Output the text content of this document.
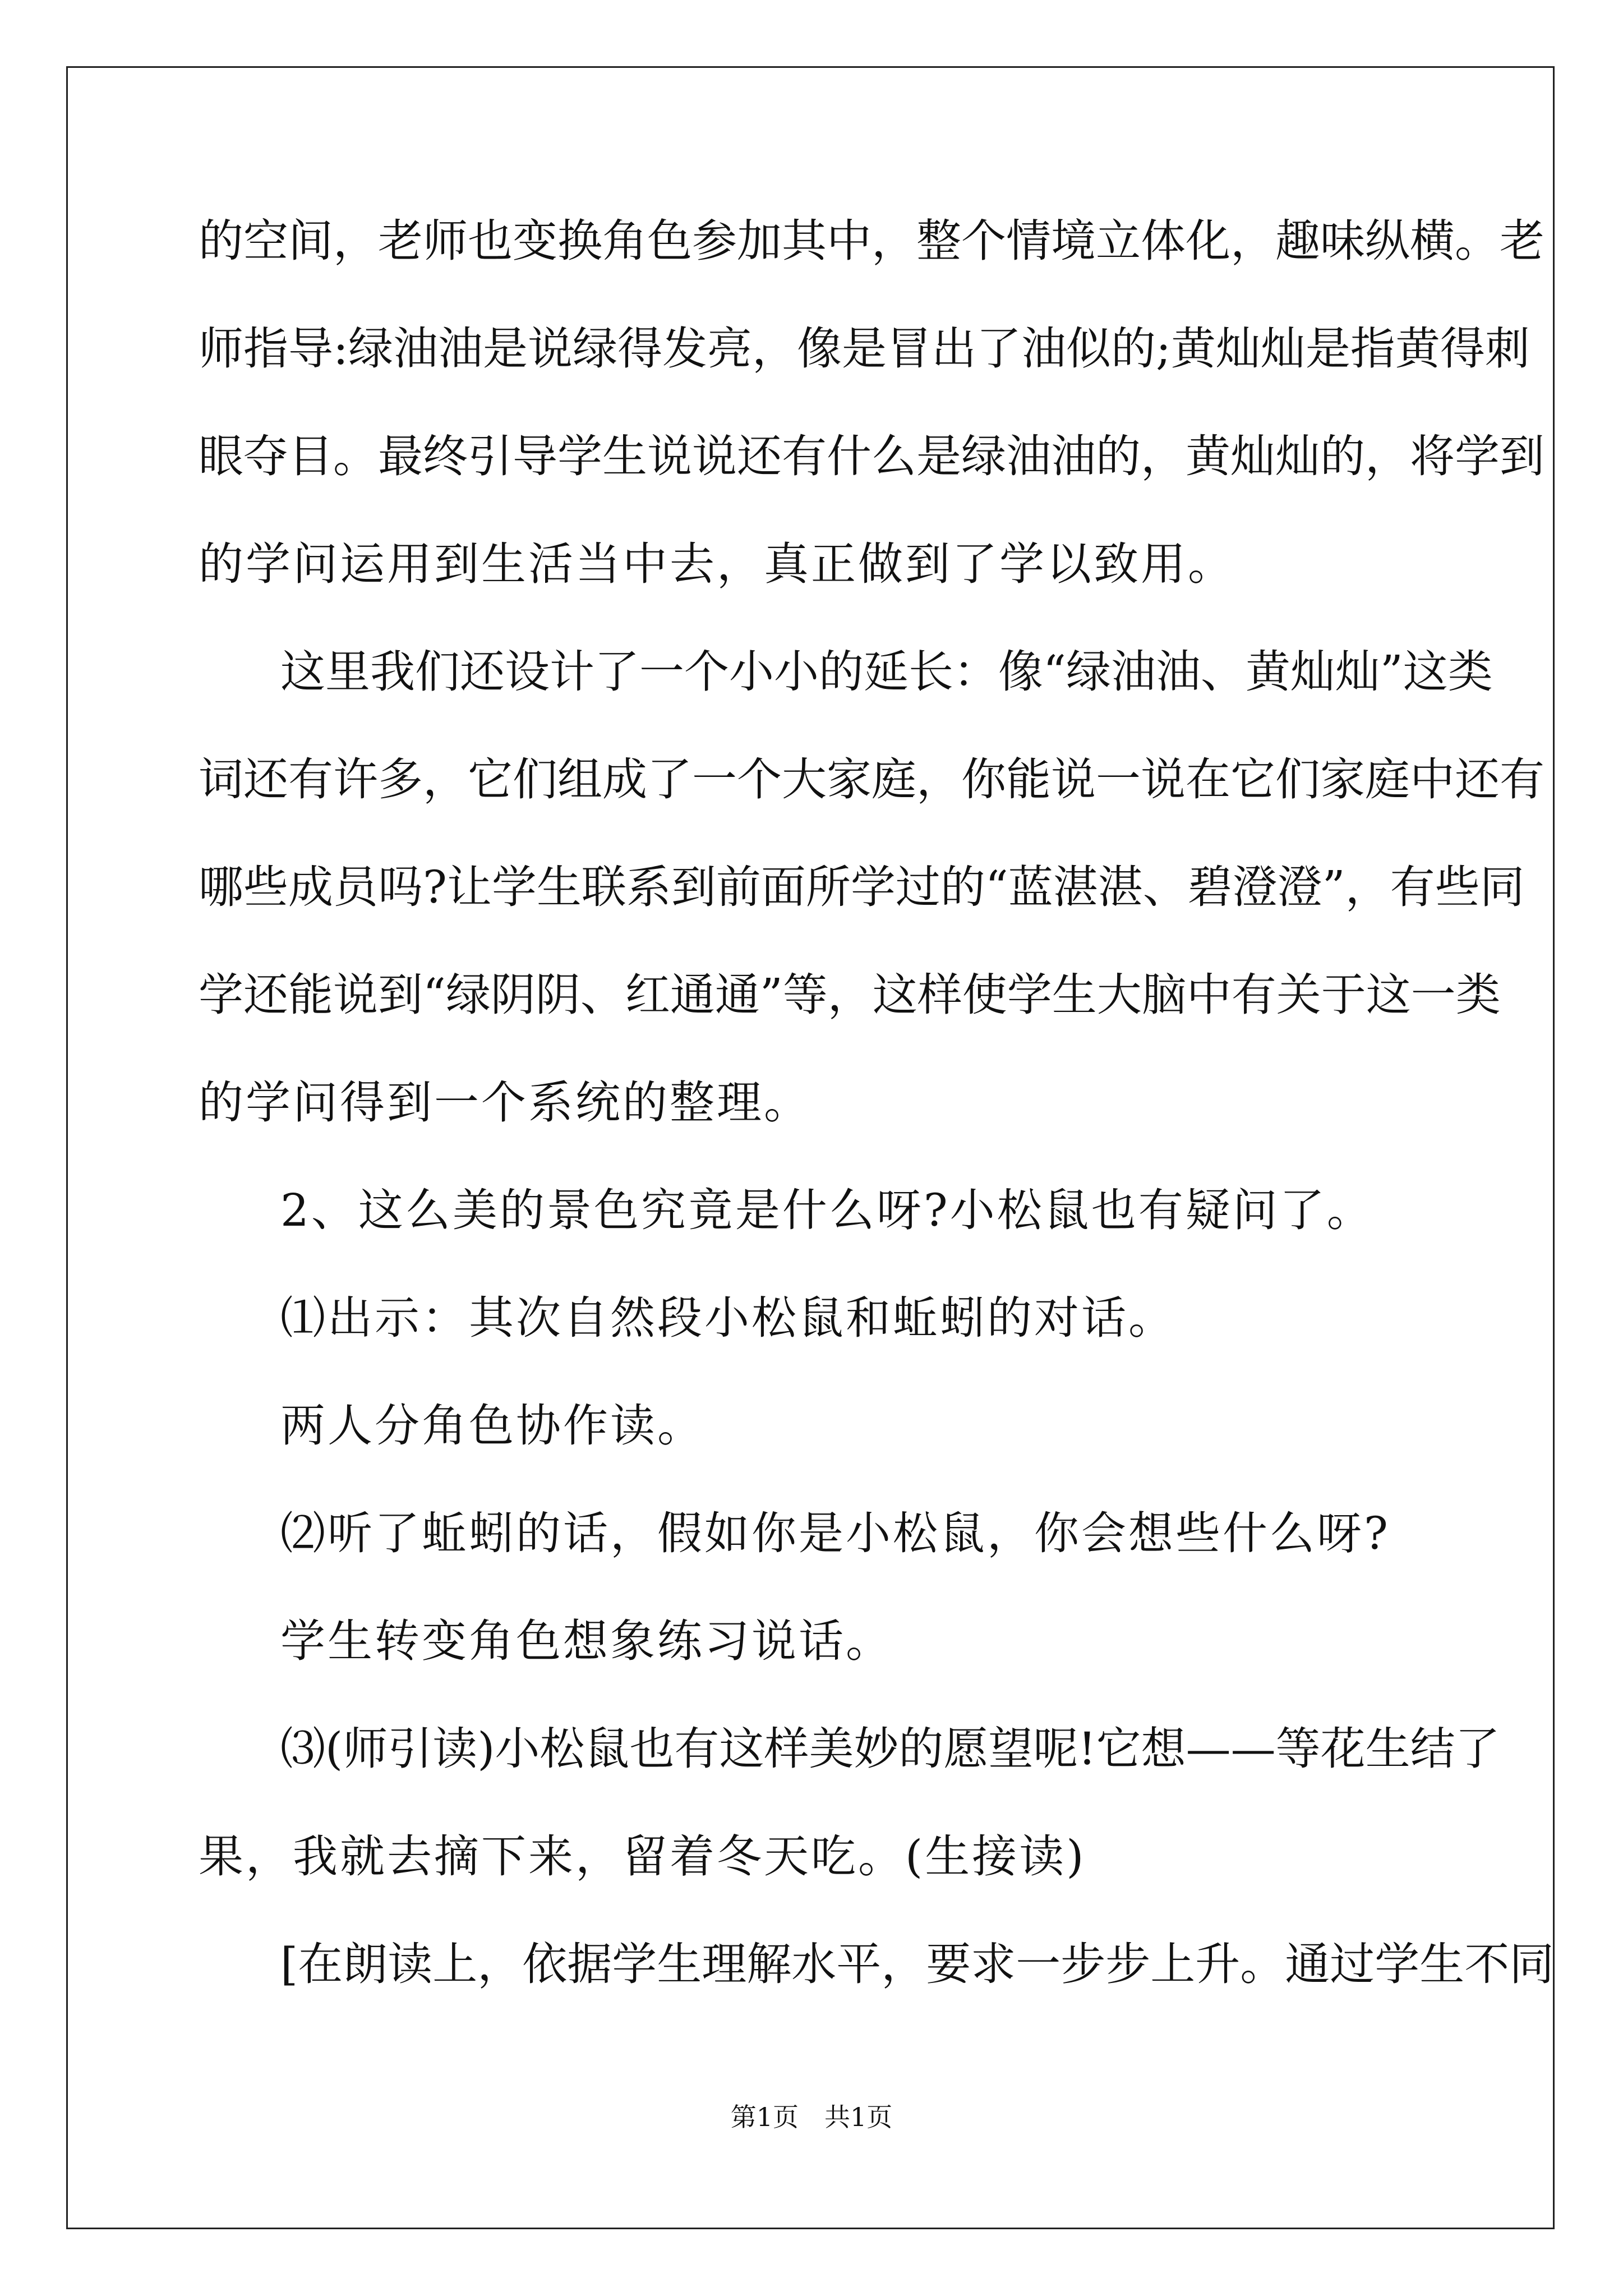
的空间，老师也变换角色参加其中，整个情境立体化，趣味纵横。老
师指导:绿油油是说绿得发亮，像是冒出了油似的;黄灿灿是指黄得刺
眼夺目。最终引导学生说说还有什么是绿油油的，黄灿灿的，将学到
的学问运用到生活当中去，真正做到了学以致用。
这里我们还设计了一个小小的延长：像“绿油油、黄灿灿”这类
词还有许多，它们组成了一个大家庭，你能说一说在它们家庭中还有
哪些成员吗?让学生联系到前面所学过的“蓝湛湛、碧澄澄”，有些同
学还能说到“绿阴阴、红通通”等，这样使学生大脑中有关于这一类
的学问得到一个系统的整理。
2、这么美的景色究竟是什么呀?小松鼠也有疑问了。
⑴出示：其次自然段小松鼠和蚯蚓的对话。
两人分角色协作读。
⑵听了蚯蚓的话，假如你是小松鼠，你会想些什么呀?
学生转变角色想象练习说话。
⑶(师引读)小松鼠也有这样美妙的愿望呢!它想——等花生结了
果，我就去摘下来，留着冬天吃。(生接读)
[在朗读上，依据学生理解水平，要求一步步上升。通过学生不同
第1页　共1页
